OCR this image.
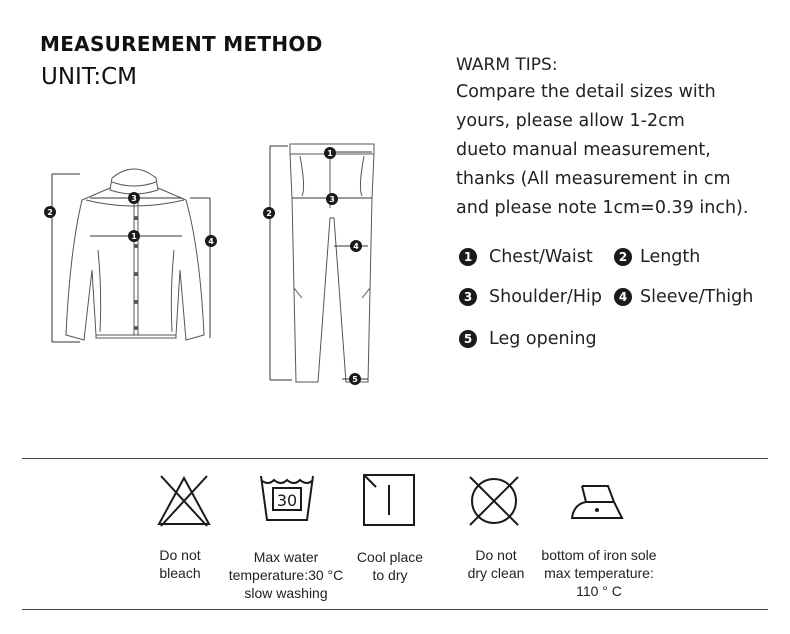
MEASUREMENT METHOD
UNIT:CM
2
3
1
4
1
2
3
4
5
WARM TIPS:
Compare the detail sizes with
yours, please allow 1-2cm
dueto manual measurement,
thanks (All measurement in cm
and please note 1cm=0.39 inch).
1 Chest/Waist	2 Length
3 Shoulder/Hip	4 Sleeve/Thigh
5 Leg opening
Do not
bleach
30
Max water
temperature:30 °C
slow washing
Cool place
to dry
Do not
dry clean
bottom of iron sole
max temperature:
110 ° C
